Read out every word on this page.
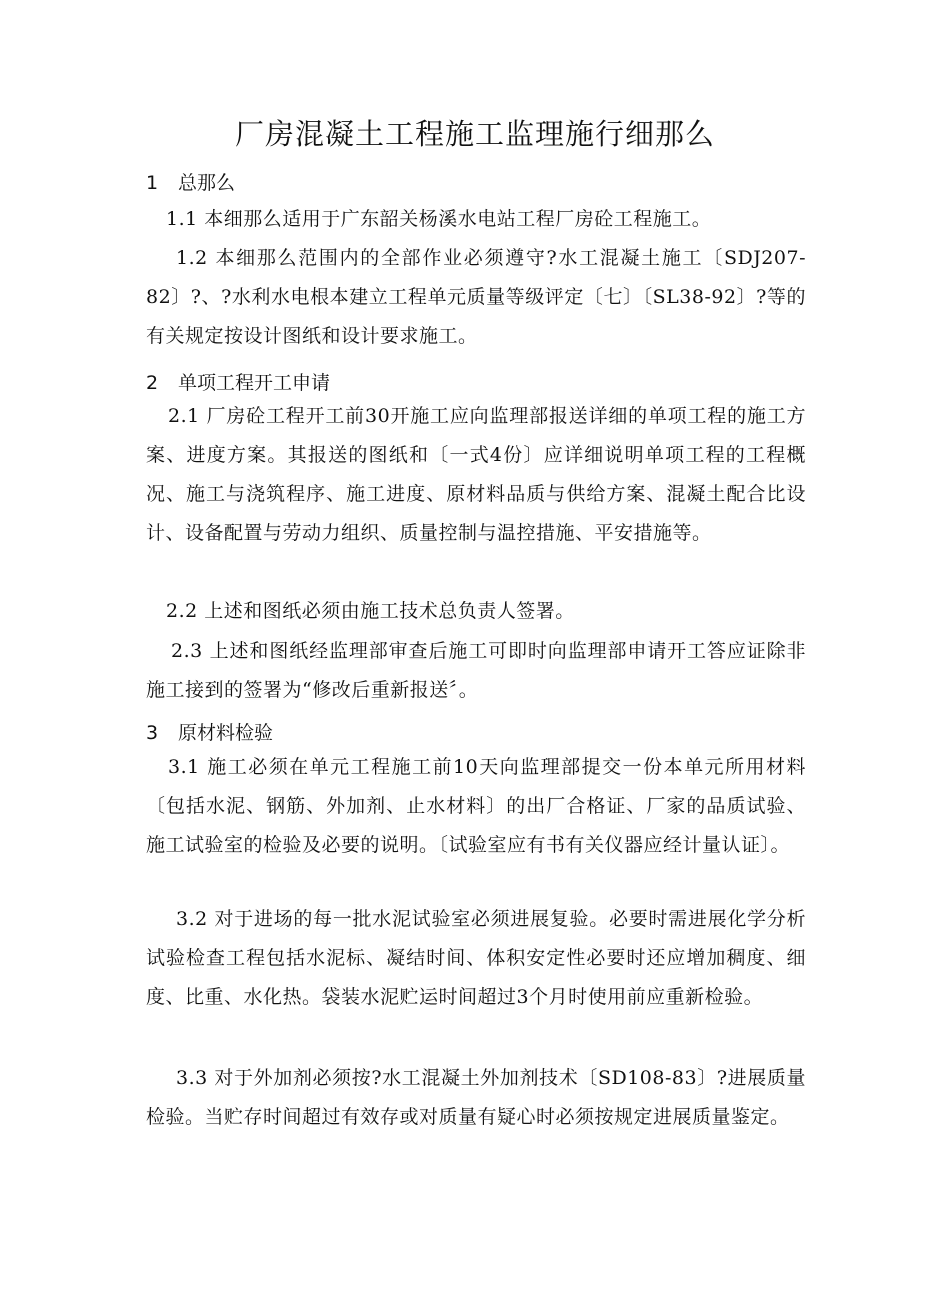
厂房混凝土工程施工监理施行细那么
1 总那么
1.1 本细那么适用于广东韶关杨溪水电站工程厂房砼工程施工。
1.2 本细那么范围内的全部作业必须遵守?水工混凝土施工〔SDJ207-82〕?、?水利水电根本建立工程单元质量等级评定〔七〕〔SL38-92〕?等的有关规定按设计图纸和设计要求施工。
2 单项工程开工申请
2.1 厂房砼工程开工前30开施工应向监理部报送详细的单项工程的施工方案、进度方案。其报送的图纸和〔一式4份〕应详细说明单项工程的工程概况、施工与浇筑程序、施工进度、原材料品质与供给方案、混凝土配合比设计、设备配置与劳动力组织、质量控制与温控措施、平安措施等。
2.2 上述和图纸必须由施工技术总负责人签署。
2.3 上述和图纸经监理部审查后施工可即时向监理部申请开工答应证除非施工接到的签署为“修改后重新报送〞。
3 原材料检验
3.1 施工必须在单元工程施工前10天向监理部提交一份本单元所用材料〔包括水泥、钢筋、外加剂、止水材料〕的出厂合格证、厂家的品质试验、施工试验室的检验及必要的说明。〔试验室应有书有关仪器应经计量认证〕。
3.2 对于进场的每一批水泥试验室必须进展复验。必要时需进展化学分析试验检查工程包括水泥标、凝结时间、体积安定性必要时还应增加稠度、细度、比重、水化热。袋装水泥贮运时间超过3个月时使用前应重新检验。
3.3 对于外加剂必须按?水工混凝土外加剂技术〔SD108-83〕?进展质量检验。当贮存时间超过有效存或对质量有疑心时必须按规定进展质量鉴定。
